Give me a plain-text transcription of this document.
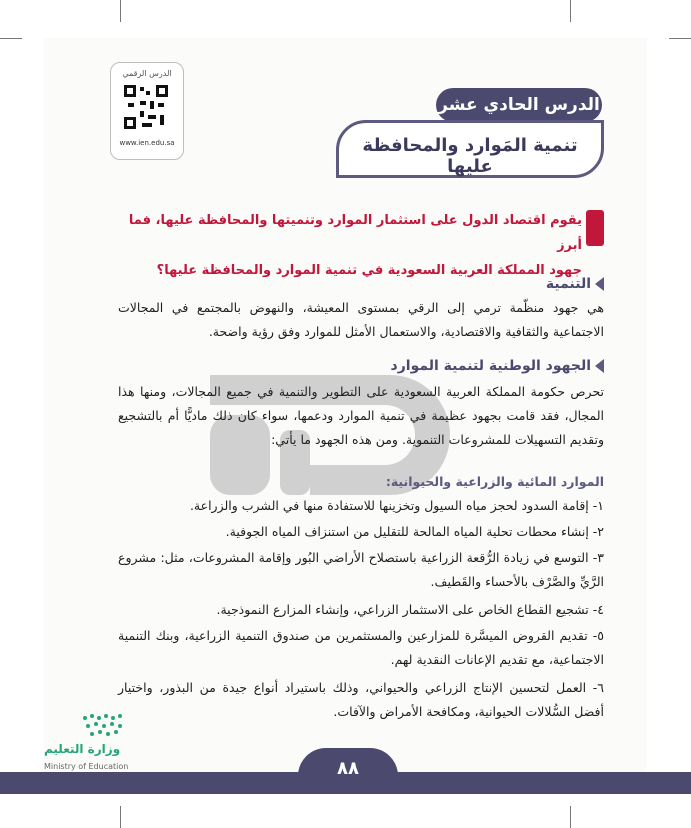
الدرس الرقمي
www.ien.edu.sa
الدرس الحادي عشر
تنمية المَوارد والمحافظة عليها
يقوم اقتصاد الدول على استثمار الموارد وتنميتها والمحافظة عليها، فما أبرز
جهود المملكة العربية السعودية في تنمية الموارد والمحافظة عليها؟
التنمية
هي جهود منظّمة ترمي إلى الرقي بمستوى المعيشة، والنهوض بالمجتمع في المجالات الاجتماعية والثقافية والاقتصادية، والاستعمال الأمثل للموارد وفق رؤية واضحة.
الجهود الوطنية لتنمية الموارد
تحرص حكومة المملكة العربية السعودية على التطوير والتنمية في جميع المجالات، ومنها هذا المجال، فقد قامت بجهود عظيمة في تنمية الموارد ودعمها، سواء كان ذلك ماديًّا أم بالتشجيع وتقديم التسهيلات للمشروعات التنموية. ومن هذه الجهود ما يأتي:
الموارد المائية والزراعية والحيوانية:
١- إقامة السدود لحجز مياه السيول وتخزينها للاستفادة منها في الشرب والزراعة.
٢- إنشاء محطات تحلية المياه المالحة للتقليل من استنزاف المياه الجوفية.
٣- التوسع في زيادة الرُّقعة الزراعية باستصلاح الأراضي البُور وإقامة المشروعات، مثل: مشروع الرَّيِّ والصَّرْف بالأحساء والقَطيف.
٤- تشجيع القطاع الخاص على الاستثمار الزراعي، وإنشاء المزارع النموذجية.
٥- تقديم القروض الميسَّرة للمزارعين والمستثمرين من صندوق التنمية الزراعية، وبنك التنمية الاجتماعية، مع تقديم الإعانات النقدية لهم.
٦- العمل لتحسين الإنتاج الزراعي والحيواني، وذلك باستيراد أنواع جيدة من البذور، واختيار أفضل السُّلالات الحيوانية، ومكافحة الأمراض والآفات.
وزارة التعليم
Ministry of Education	٨٨
